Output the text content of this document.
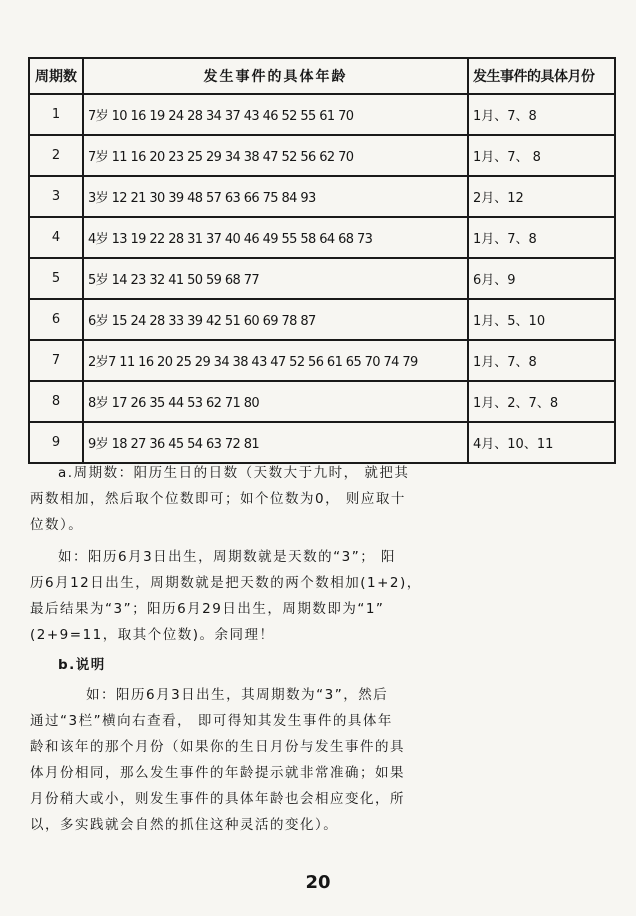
周期数	发生事件的具体年龄	发生事件的具体月份
1	7岁 10 16 19 24 28 34 37 43 46 52 55 61 70	1月、7、8
2	7岁 11 16 20 23 25 29 34 38 47 52 56 62 70	1月、7、 8
3	3岁 12 21 30 39 48 57 63 66 75 84 93	2月、12
4	4岁 13 19 22 28 31 37 40 46 49 55 58 64 68 73	1月、7、8
5	5岁 14 23 32 41 50 59 68 77	6月、9
6	6岁 15 24 28 33 39 42 51 60 69 78 87	1月、5、10
7	2岁7 11 16 20 25 29 34 38 43 47 52 56 61 65 70 74 79	1月、7、8
8	8岁 17 26 35 44 53 62 71 80	1月、2、7、8
9	9岁 18 27 36 45 54 63 72 81	4月、10、11
a.周期数：阳历生日的日数（天数大于九时， 就把其
两数相加，然后取个位数即可；如个位数为0， 则应取十
位数）。
如：阳历6月3日出生，周期数就是天数的“3”； 阳
历6月12日出生，周期数就是把天数的两个数相加(1+2)，
最后结果为“3”；阳历6月29日出生，周期数即为“1”
(2+9=11，取其个位数)。余同理！
b.说明
如：阳历6月3日出生，其周期数为“3”，然后
通过“3栏”横向右查看， 即可得知其发生事件的具体年
龄和该年的那个月份（如果你的生日月份与发生事件的具
体月份相同，那么发生事件的年龄提示就非常准确；如果
月份稍大或小，则发生事件的具体年龄也会相应变化，所
以，多实践就会自然的抓住这种灵活的变化）。
20
